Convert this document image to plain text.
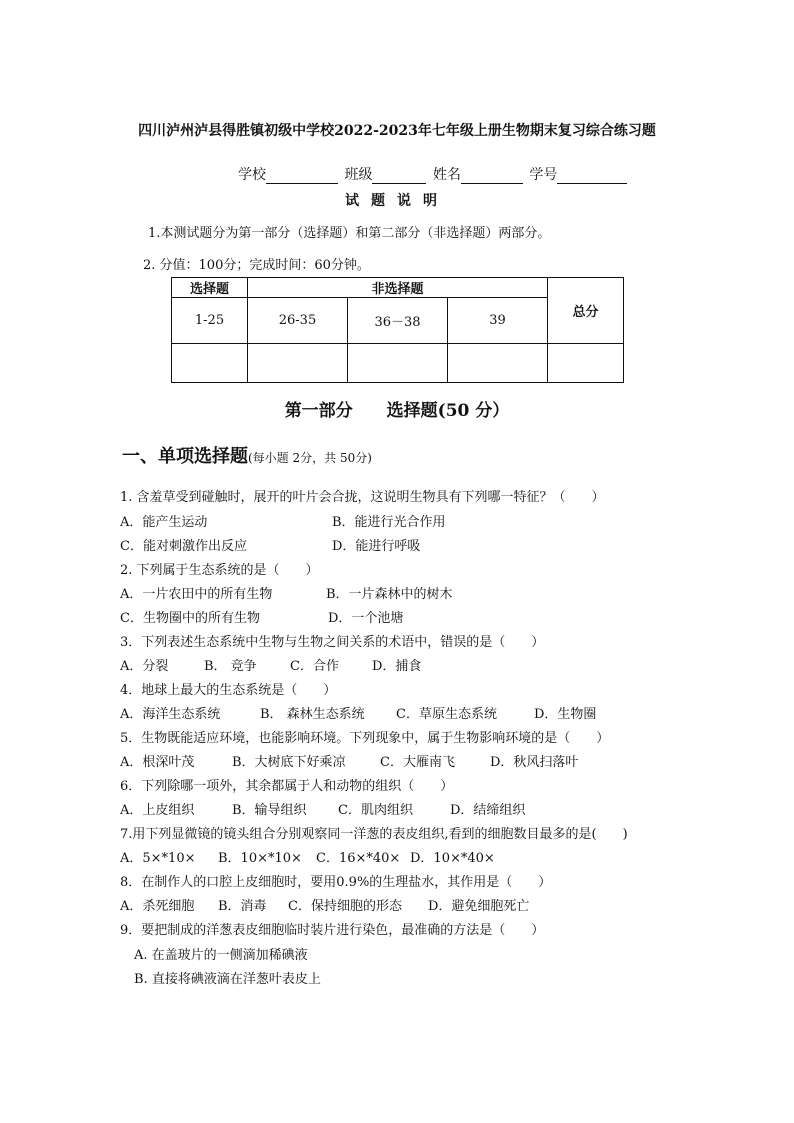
四川泸州泸县得胜镇初级中学校2022-2023年七年级上册生物期末复习综合练习题
学校	班级	姓名	学号
试题说明
1.本测试题分为第一部分（选择题）和第二部分（非选择题）两部分。
2. 分值：100分；完成时间：60分钟。
选择题	非选择题			总分
1-25	26-35	36－38	39	

第一部分　　选择题(50 分）
一、单项选择题(每小题 2分，共 50分)
1. 含羞草受到碰触时，展开的叶片会合拢，这说明生物具有下列哪一特征？（　　）
A．能产生运动	B．能进行光合作用
C．能对刺激作出反应	D．能进行呼吸
2. 下列属于生态系统的是（　　）
A．一片农田中的所有生物	B．一片森林中的树木
C．生物圈中的所有生物	D．一个池塘
3．下列表述生态系统中生物与生物之间关系的术语中，错误的是（　　）
A．分裂	B． 竞争	C．合作	D．捕食
4．地球上最大的生态系统是（　　）
A．海洋生态系统	B． 森林生态系统 C．草原生态系统	D．生物圈
5．生物既能适应环境，也能影响环境。下列现象中，属于生物影响环境的是（　　）
A．根深叶茂	B．大树底下好乘凉	C．大雁南飞	D．秋风扫落叶
6．下列除哪一项外，其余都属于人和动物的组织（　　）
A．上皮组织	B．输导组织 C．肌肉组织	D．结缔组织
7.用下列显微镜的镜头组合分别观察同一洋葱的表皮组织,看到的细胞数目最多的是(　　)
A．5×*10× B．10×*10× C．16×*40× D．10×*40×
8．在制作人的口腔上皮细胞时，要用0.9%的生理盐水，其作用是（　　）
A．杀死细胞 B．消毒 C．保持细胞的形态 D．避免细胞死亡
9．要把制成的洋葱表皮细胞临时装片进行染色，最准确的方法是（　　）
A. 在盖玻片的一侧滴加稀碘液
B. 直接将碘液滴在洋葱叶表皮上
